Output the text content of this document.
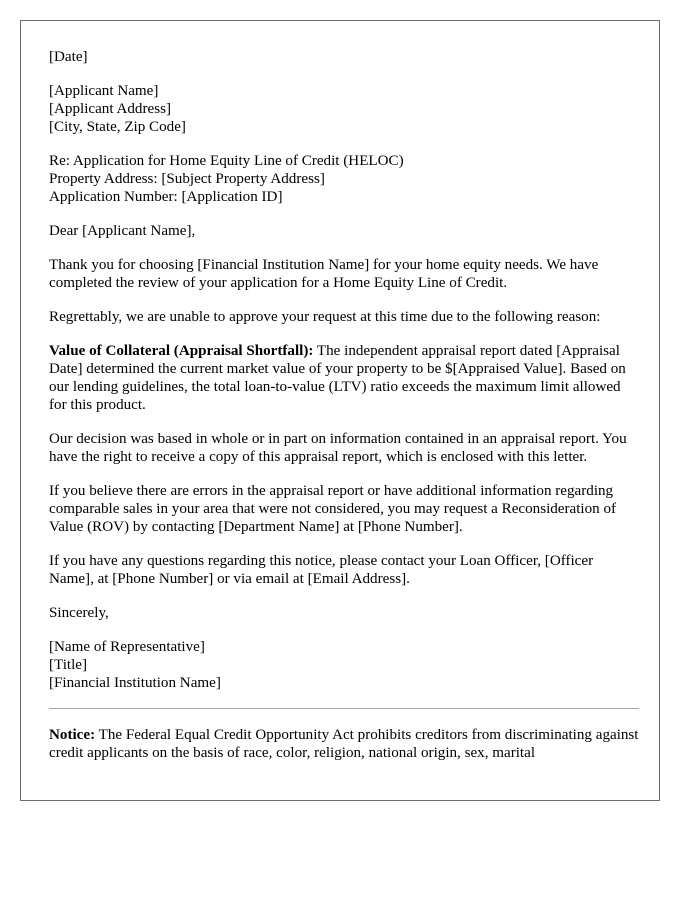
[Date]

[Applicant Name]
[Applicant Address]
[City, State, Zip Code]

Re: Application for Home Equity Line of Credit (HELOC)
Property Address: [Subject Property Address]
Application Number: [Application ID]

Dear [Applicant Name],

Thank you for choosing [Financial Institution Name] for your home equity needs. We have completed the review of your application for a Home Equity Line of Credit.

Regrettably, we are unable to approve your request at this time due to the following reason:

Value of Collateral (Appraisal Shortfall): The independent appraisal report dated [Appraisal Date] determined the current market value of your property to be $[Appraised Value]. Based on our lending guidelines, the total loan-to-value (LTV) ratio exceeds the maximum limit allowed for this product.

Our decision was based in whole or in part on information contained in an appraisal report. You have the right to receive a copy of this appraisal report, which is enclosed with this letter.

If you believe there are errors in the appraisal report or have additional information regarding comparable sales in your area that were not considered, you may request a Reconsideration of Value (ROV) by contacting [Department Name] at [Phone Number].

If you have any questions regarding this notice, please contact your Loan Officer, [Officer Name], at [Phone Number] or via email at [Email Address].

Sincerely,

[Name of Representative]
[Title]
[Financial Institution Name]

Notice: The Federal Equal Credit Opportunity Act prohibits creditors from discriminating against credit applicants on the basis of race, color, religion, national origin, sex, marital
